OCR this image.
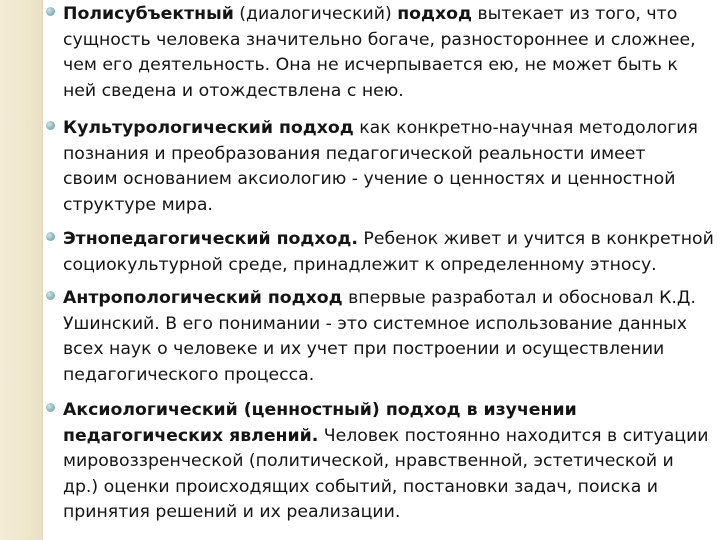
Полисубъектный (диалогический) подход вытекает из того, что
сущность человека значительно богаче, разностороннее и сложнее,
чем его деятельность. Она не исчерпывается ею, не может быть к
ней сведена и отождествлена с нею.
Культурологический подход как конкретно-научная методология
познания и преобразования педагогической реальности имеет
своим основанием аксиологию - учение о ценностях и ценностной
структуре мира.
Этнопедагогический подход. Ребенок живет и учится в конкретной
социокультурной среде, принадлежит к определенному этносу.
Антропологический подход впервые разработал и обосновал К.Д.
Ушинский. В его понимании - это системное использование данных
всех наук о человеке и их учет при построении и осуществлении
педагогического процесса.
Аксиологический (ценностный) подход в изучении
педагогических явлений. Человек постоянно находится в ситуации
мировоззренческой (политической, нравственной, эстетической и
др.) оценки происходящих событий, постановки задач, поиска и
принятия решений и их реализации.
